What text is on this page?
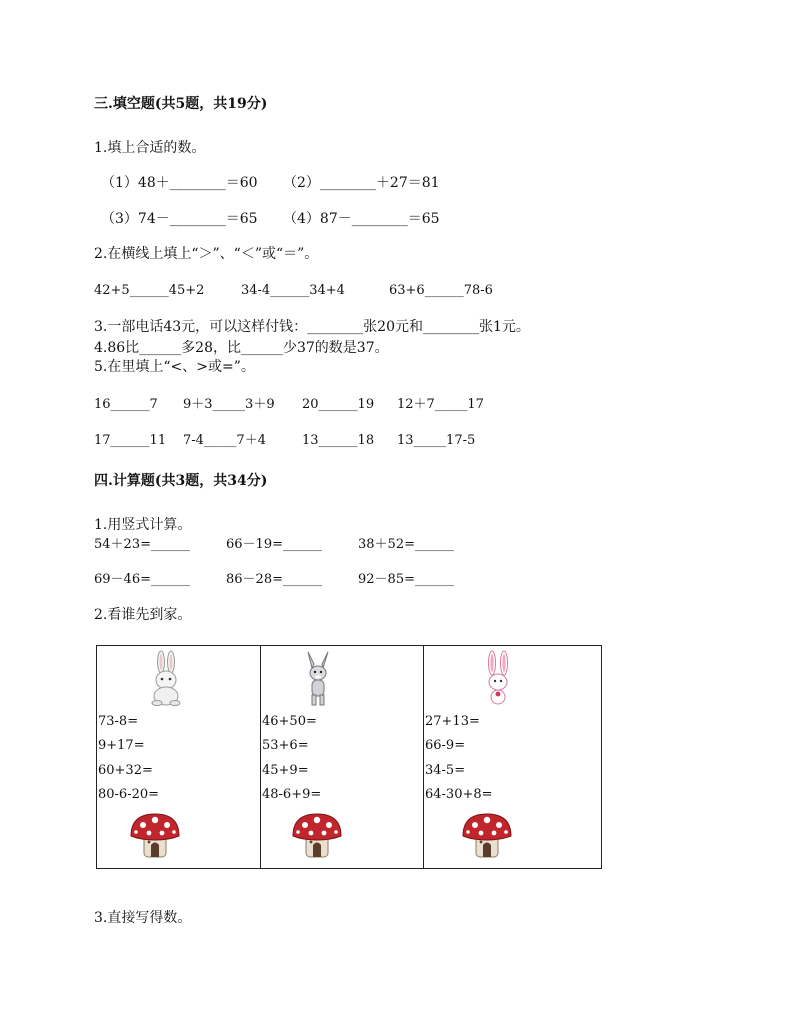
三.填空题(共5题，共19分)
1.填上合适的数。
（1）48＋________＝60 （2）________＋27＝81
（3）74－________＝65 （4）87－________＝65
2.在横线上填上“＞”、“＜”或“＝”。
42+5______45+2	34-4______34+4	63+6______78-6
3.一部电话43元，可以这样付钱：________张20元和________张1元。
4.86比______多28，比______少37的数是37。
5.在里填上“<、>或=”。
16______7 9＋3_____3＋9 20______19 12＋7_____17
17______11 7-4_____7＋4	13______18 13_____17-5
四.计算题(共3题，共34分)
1.用竖式计算。
54＋23=______	66－19=______	38＋52=______
69－46=______	86－28=______	92－85=______
2.看谁先到家。
73-8=
9+17=
60+32=
80-6-20=
46+50=
53+6=
45+9=
48-6+9=
27+13=
66-9=
34-5=
64-30+8=
3.直接写得数。
